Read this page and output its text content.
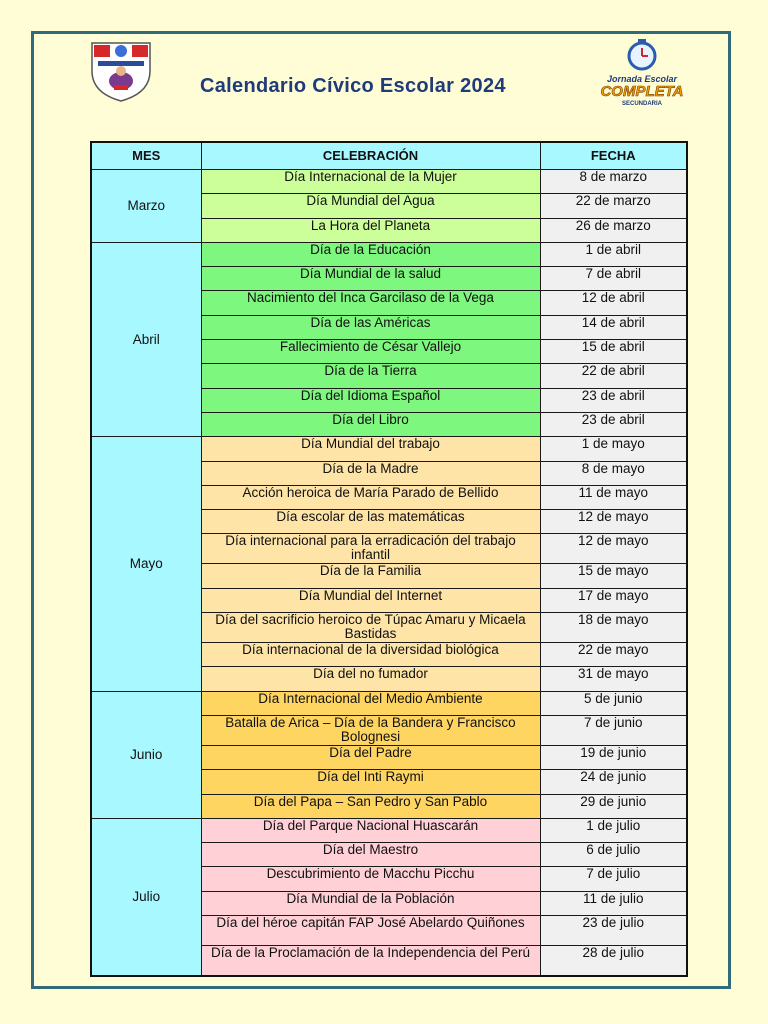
Calendario Cívico Escolar 2024	Jornada Escolar
COMPLETA
SECUNDARIA
MES	CELEBRACIÓN	FECHA
Marzo	Día Internacional de la Mujer	8 de marzo
	Día Mundial del Agua	22 de marzo
	La Hora del Planeta	26 de marzo
Abril	Día de la Educación	1 de abril
	Día Mundial de la salud	7 de abril
	Nacimiento del Inca Garcilaso de la Vega	12 de abril
	Día de las Américas	14 de abril
	Fallecimiento de César Vallejo	15 de abril
	Día de la Tierra	22 de abril
	Día del Idioma Español	23 de abril
	Día del Libro	23 de abril
Mayo	Día Mundial del trabajo	1 de mayo
	Día de la Madre	8 de mayo
	Acción heroica de María Parado de Bellido	11 de mayo
	Día escolar de las matemáticas	12 de mayo
	Día internacional para la erradicación del trabajo infantil	12 de mayo
	Día de la Familia	15 de mayo
	Día Mundial del Internet	17 de mayo
	Día del sacrificio heroico de Túpac Amaru y Micaela Bastidas	18 de mayo
	Día internacional de la diversidad biológica	22 de mayo
	Día del no fumador	31 de mayo
Junio	Día Internacional del Medio Ambiente	5 de junio
	Batalla de Arica – Día de la Bandera y Francisco Bolognesi	7 de junio
	Día del Padre	19 de junio
	Día del Inti Raymi	24 de junio
	Día del Papa – San Pedro y San Pablo	29 de junio
Julio	Día del Parque Nacional Huascarán	1 de julio
	Día del Maestro	6 de julio
	Descubrimiento de Macchu Picchu	7 de julio
	Día Mundial de la Población	11 de julio
	Día del héroe capitán FAP José Abelardo Quiñones	23 de julio
	Día de la Proclamación de la Independencia del Perú	28 de julio
